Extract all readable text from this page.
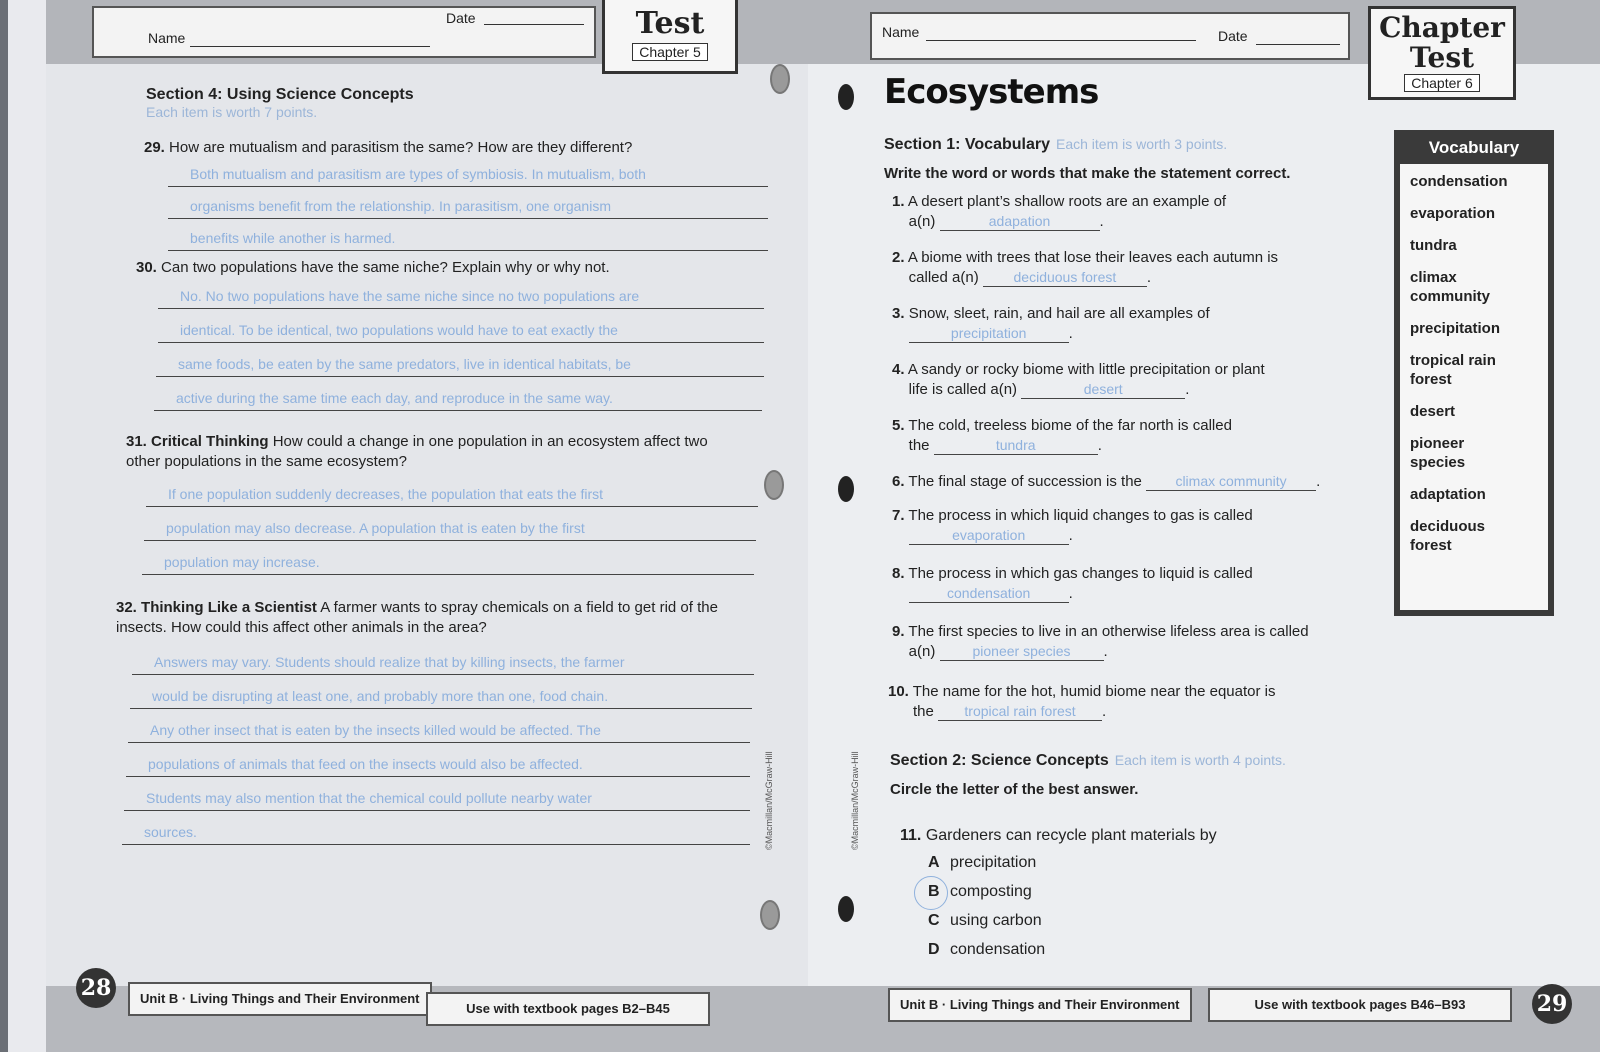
Name
Date	Test
Chapter 5
Section 4: Using Science Concepts
Each item is worth 7 points.
29. How are mutualism and parasitism the same? How are they different?
Both mutualism and parasitism are types of symbiosis. In mutualism, both
organisms benefit from the relationship. In parasitism, one organism
benefits while another is harmed.
30. Can two populations have the same niche? Explain why or why not.
No. No two populations have the same niche since no two populations are
identical. To be identical, two populations would have to eat exactly the
same foods, be eaten by the same predators, live in identical habitats, be
active during the same time each day, and reproduce in the same way.
31. Critical Thinking How could a change in one population in an ecosystem affect two other populations in the same ecosystem?
If one population suddenly decreases, the population that eats the first
population may also decrease. A population that is eaten by the first
population may increase.
32. Thinking Like a Scientist A farmer wants to spray chemicals on a field to get rid of the insects. How could this affect other animals in the area?
Answers may vary. Students should realize that by killing insects, the farmer
would be disrupting at least one, and probably more than one, food chain.
Any other insect that is eaten by the insects killed would be affected. The
populations of animals that feed on the insects would also be affected.
Students may also mention that the chemical could pollute nearby water
sources.	©Macmillan/McGraw-Hill
28	Unit B · Living Things and Their Environment
Use with textbook pages B2–B45
Name	Date	Chapter
Test
Chapter 6
Ecosystems
Section 1: Vocabulary Each item is worth 3 points.
Write the word or words that make the statement correct.
Vocabulary
condensation
evaporation
tundra
climax community
precipitation
tropical rain forest
desert
pioneer species
adaptation
deciduous forest
1. A desert plant’s shallow roots are an example of
a(n)	adapation	.
2. A biome with trees that lose their leaves each autumn is
called a(n) deciduous forest .
3. Snow, sleet, rain, and hail are all examples of
precipitation	.
4. A sandy or rocky biome with little precipitation or plant
life is called a(n)	desert	.
5. The cold, treeless biome of the far north is called
the	tundra	.
6. The final stage of succession is the climax community .
7. The process in which liquid changes to gas is called
evaporation	.
8. The process in which gas changes to liquid is called
condensation	.
9. The first species to live in an otherwise lifeless area is called
a(n)	pioneer species .
10. The name for the hot, humid biome near the equator is
the tropical rain forest .
Section 2: Science Concepts Each item is worth 4 points.
Circle the letter of the best answer.
11. Gardeners can recycle plant materials by
A precipitation
B composting
C using carbon
D condensation
©Macmillan/McGraw-Hill
Unit B · Living Things and Their Environment	Use with textbook pages B46–B93	29
